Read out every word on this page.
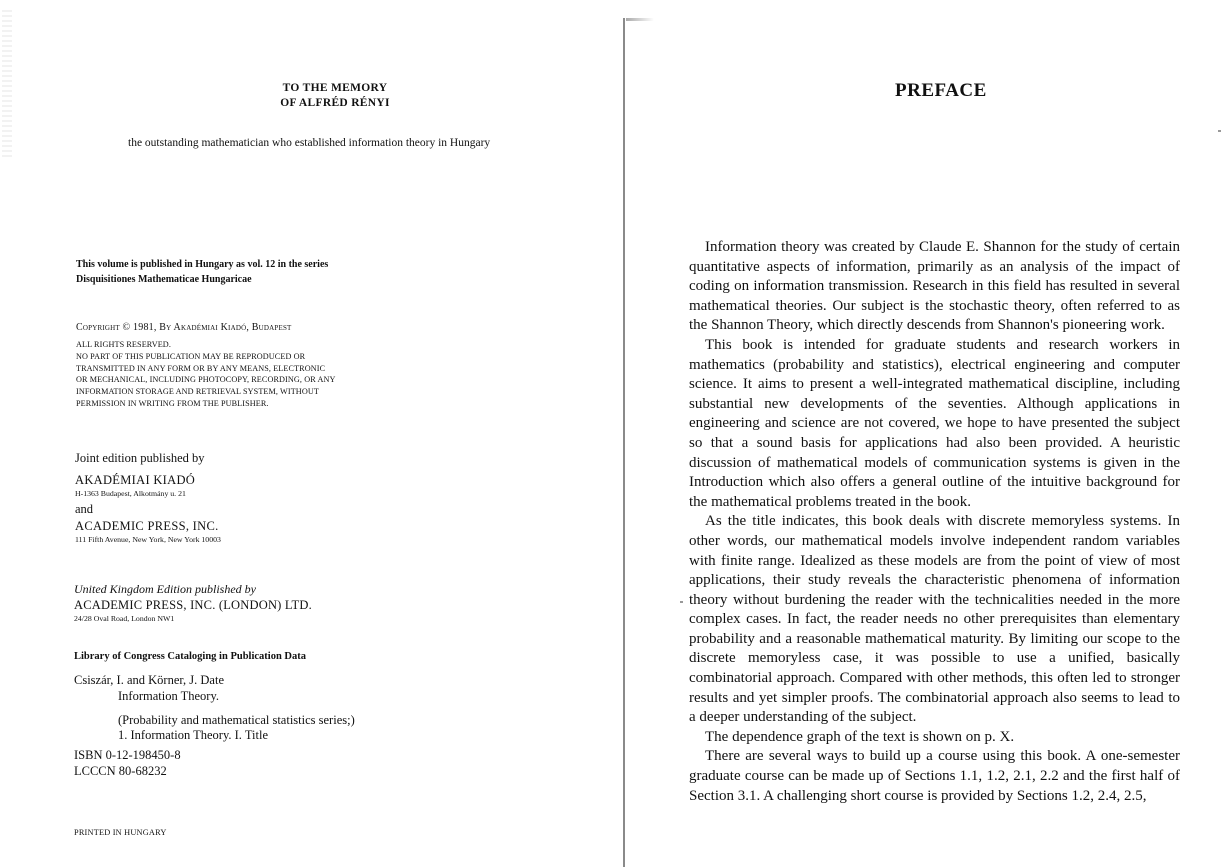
TO THE MEMORY
OF ALFRÉD RÉNYI
the outstanding mathematician who established information theory in Hungary
This volume is published in Hungary as vol. 12 in the series
Disquisitiones Mathematicae Hungaricae
Copyright © 1981, By Akadémiai Kiadó, Budapest
ALL RIGHTS RESERVED.
NO PART OF THIS PUBLICATION MAY BE REPRODUCED OR
TRANSMITTED IN ANY FORM OR BY ANY MEANS, ELECTRONIC
OR MECHANICAL, INCLUDING PHOTOCOPY, RECORDING, OR ANY
INFORMATION STORAGE AND RETRIEVAL SYSTEM, WITHOUT
PERMISSION IN WRITING FROM THE PUBLISHER.
Joint edition published by
AKADÉMIAI KIADÓ
H-1363 Budapest, Alkotmány u. 21
and
ACADEMIC PRESS, INC.
111 Fifth Avenue, New York, New York 10003
United Kingdom Edition published by
ACADEMIC PRESS, INC. (LONDON) LTD.
24/28 Oval Road, London NW1
Library of Congress Cataloging in Publication Data
Csiszár, I. and Körner, J. Date
Information Theory.
(Probability and mathematical statistics series;)
1. Information Theory. I. Title
ISBN 0-12-198450-8
LCCCN 80-68232
PRINTED IN HUNGARY
PREFACE

Information theory was created by Claude E. Shannon for the study of certain quantitative aspects of information, primarily as an analysis of the impact of coding on information transmission. Research in this field has resulted in several mathematical theories. Our subject is the stochastic theory, often referred to as the Shannon Theory, which directly descends from Shannon's pioneering work.

This book is intended for graduate students and research workers in mathematics (probability and statistics), electrical engineering and computer science. It aims to present a well-integrated mathematical discipline, including substantial new developments of the seventies. Although applications in engineering and science are not covered, we hope to have presented the subject so that a sound basis for applications had also been provided. A heuristic discussion of mathematical models of communication systems is given in the Introduction which also offers a general outline of the intuitive background for the mathematical problems treated in the book.

As the title indicates, this book deals with discrete memoryless systems. In other words, our mathematical models involve independent random variables with finite range. Idealized as these models are from the point of view of most applications, their study reveals the characteristic phenomena of information theory without burdening the reader with the technicalities needed in the more complex cases. In fact, the reader needs no other prerequisites than elementary probability and a reasonable mathematical maturity. By limiting our scope to the discrete memoryless case, it was possible to use a unified, basically combinatorial approach. Compared with other methods, this often led to stronger results and yet simpler proofs. The combinatorial approach also seems to lead to a deeper understanding of the subject.

The dependence graph of the text is shown on p. X.

There are several ways to build up a course using this book. A one-semester graduate course can be made up of Sections 1.1, 1.2, 2.1, 2.2 and the first half of Section 3.1. A challenging short course is provided by Sections 1.2, 2.4, 2.5,
